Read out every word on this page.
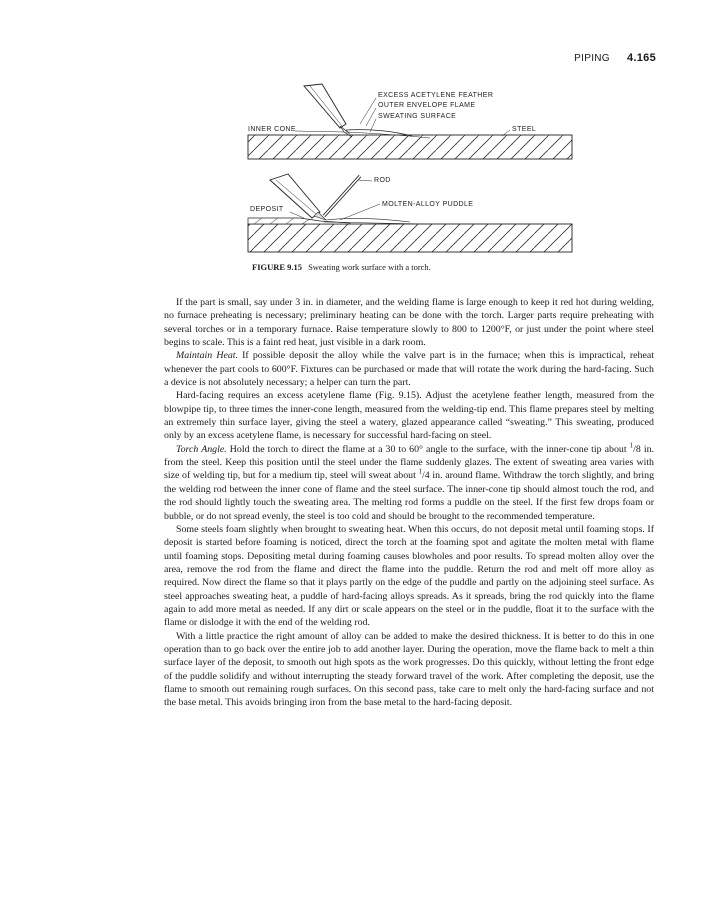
PIPING 4.165
EXCESS ACETYLENE FEATHER
OUTER ENVELOPE FLAME
SWEATING SURFACE
INNER CONE	STEEL
ROD
MOLTEN-ALLOY PUDDLE
DEPOSIT
FIGURE 9.15 Sweating work surface with a torch.

If the part is small, say under 3 in. in diameter, and the welding flame is large enough to keep it red hot during welding, no furnace preheating is necessary; preliminary heating can be done with the torch. Larger parts require preheating with several torches or in a temporary furnace. Raise temperature slowly to 800 to 1200°F, or just under the point where steel begins to scale. This is a faint red heat, just visible in a dark room.

Maintain Heat. If possible deposit the alloy while the valve part is in the furnace; when this is impractical, reheat whenever the part cools to 600°F. Fixtures can be purchased or made that will rotate the work during the hard-facing. Such a device is not absolutely necessary; a helper can turn the part.

Hard-facing requires an excess acetylene flame (Fig. 9.15). Adjust the acetylene feather length, measured from the blowpipe tip, to three times the inner-cone length, measured from the welding-tip end. This flame prepares steel by melting an extremely thin surface layer, giving the steel a watery, glazed appearance called “sweating.” This sweating, produced only by an excess acetylene flame, is necessary for successful hard-facing on steel.

Torch Angle. Hold the torch to direct the flame at a 30 to 60° angle to the surface, with the inner-cone tip about $^1$/8 in. from the steel. Keep this position until the steel under the flame suddenly glazes. The extent of sweating area varies with size of welding tip, but for a medium tip, steel will sweat about $^1$/4 in. around flame. Withdraw the torch slightly, and bring the welding rod between the inner cone of flame and the steel surface. The inner-cone tip should almost touch the rod, and the rod should lightly touch the sweating area. The melting rod forms a puddle on the steel. If the first few drops foam or bubble, or do not spread evenly, the steel is too cold and should be brought to the recommended temperature.

Some steels foam slightly when brought to sweating heat. When this occurs, do not deposit metal until foaming stops. If deposit is started before foaming is noticed, direct the torch at the foaming spot and agitate the molten metal with flame until foaming stops. Depositing metal during foaming causes blowholes and poor results. To spread molten alloy over the area, remove the rod from the flame and direct the flame into the puddle. Return the rod and melt off more alloy as required. Now direct the flame so that it plays partly on the edge of the puddle and partly on the adjoining steel surface. As steel approaches sweating heat, a puddle of hard-facing alloys spreads. As it spreads, bring the rod quickly into the flame again to add more metal as needed. If any dirt or scale appears on the steel or in the puddle, float it to the surface with the flame or dislodge it with the end of the welding rod.

With a little practice the right amount of alloy can be added to make the desired thickness. It is better to do this in one operation than to go back over the entire job to add another layer. During the operation, move the flame back to melt a thin surface layer of the deposit, to smooth out high spots as the work progresses. Do this quickly, without letting the front edge of the puddle solidify and without interrupting the steady forward travel of the work. After completing the deposit, use the flame to smooth out remaining rough surfaces. On this second pass, take care to melt only the hard-facing surface and not the base metal. This avoids bringing iron from the base metal to the hard-facing deposit.
